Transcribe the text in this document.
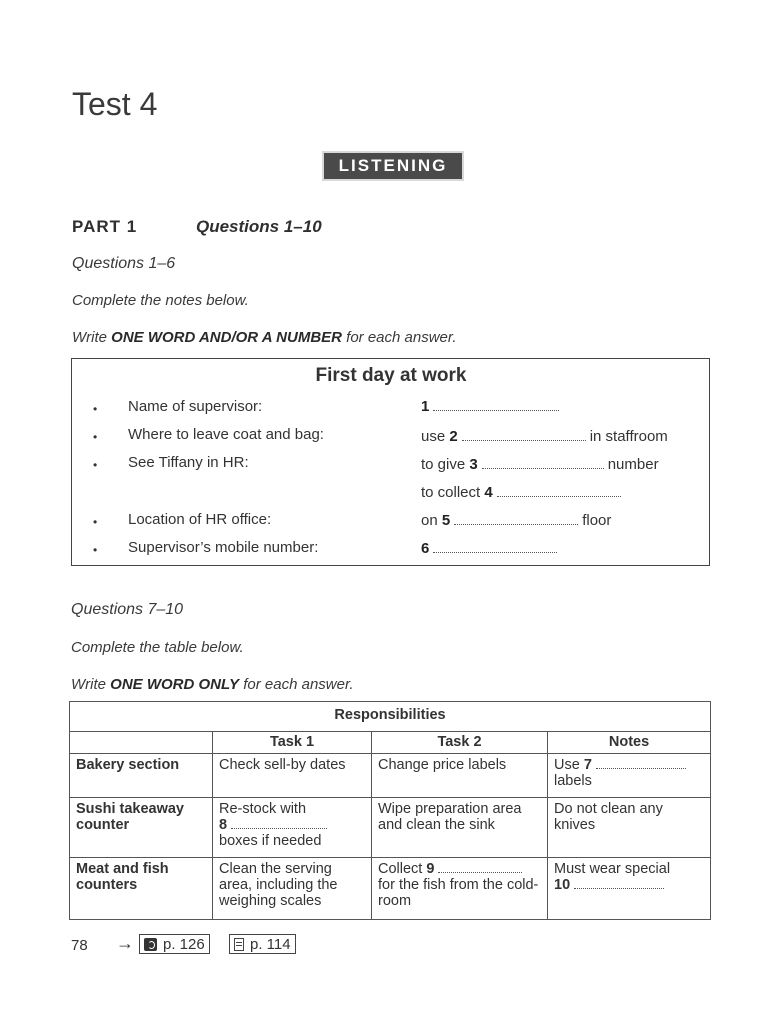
Test 4
LISTENING
PART 1	Questions 1–10
Questions 1–6
Complete the notes below.
Write ONE WORD AND/OR A NUMBER for each answer.
First day at work
• Name of supervisor:	1
• Where to leave coat and bag:	use 2	in staffroom
• See Tiffany in HR:	to give 3	number
to collect 4
• Location of HR office:	on 5	floor
• Supervisor’s mobile number:	6
Questions 7–10
Complete the table below.
Write ONE WORD ONLY for each answer.
Responsibilities			
	Task 1	Task 2	Notes
Bakery section	Check sell-by dates	Change price labels	Use 7
labels
Sushi takeaway counter	Re-stock with
8
boxes if needed	Wipe preparation area and clean the sink	Do not clean any knives
Meat and fish counters	Clean the serving area, including the weighing scales	Collect 9
for the fish from the cold-room	Must wear special
10
78 → p. 126	p. 114
